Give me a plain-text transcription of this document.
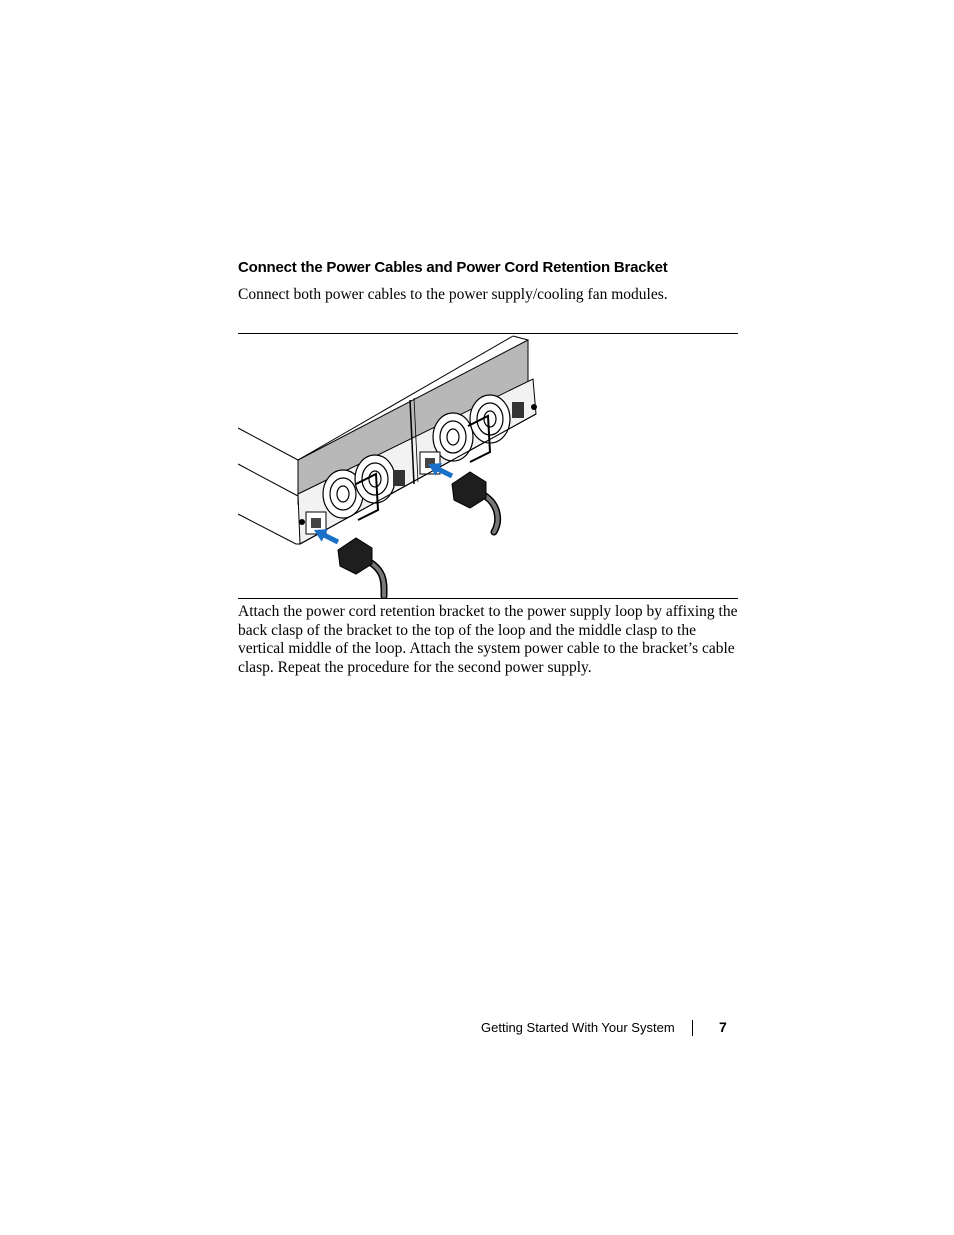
Connect the Power Cables and Power Cord Retention Bracket
Connect both power cables to the power supply/cooling fan modules.
Attach the power cord retention bracket to the power supply loop by affixing the back clasp of the bracket to the top of the loop and the middle clasp to the vertical middle of the loop. Attach the system power cable to the bracket’s cable clasp. Repeat the procedure for the second power supply.
Getting Started With Your System	7
